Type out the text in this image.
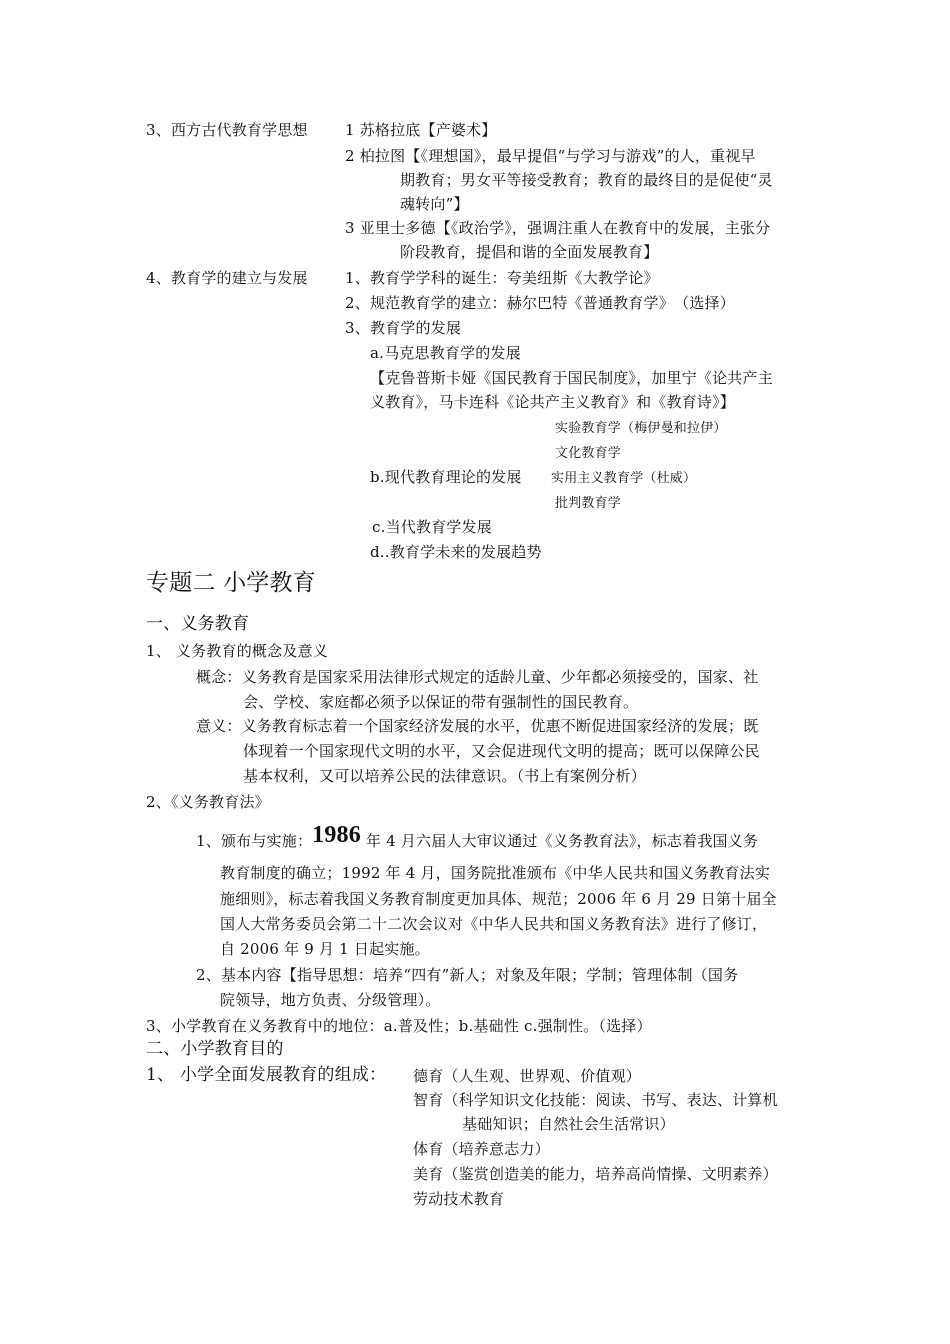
3、西方古代教育学思想 1 苏格拉底【产婆术】
2 柏拉图【《理想国》，最早提倡“与学习与游戏”的人，重视早
期教育；男女平等接受教育；教育的最终目的是促使“灵
魂转向”】
3 亚里士多德【《政治学》，强调注重人在教育中的发展，主张分
阶段教育，提倡和谐的全面发展教育】
4、教育学的建立与发展 1、教育学学科的诞生：夸美纽斯《大教学论》
2、规范教育学的建立：赫尔巴特《普通教育学》　（选择）
3、教育学的发展
a.马克思教育学的发展
【克鲁普斯卡娅《国民教育于国民制度》，加里宁《论共产主
义教育》，马卡连科《论共产主义教育》和《教育诗》】
实验教育学（梅伊曼和拉伊）
文化教育学
b.现代教育理论的发展 实用主义教育学（杜威）
批判教育学
c.当代教育学发展
d..教育学未来的发展趋势
专题二 小学教育
一、义务教育
1、 义务教育的概念及意义
概念：义务教育是国家采用法律形式规定的适龄儿童、少年都必须接受的，国家、社
会、学校、家庭都必须予以保证的带有强制性的国民教育。
意义：义务教育标志着一个国家经济发展的水平，优惠不断促进国家经济的发展；既
体现着一个国家现代文明的水平，又会促进现代文明的提高；既可以保障公民
基本权利，又可以培养公民的法律意识。（书上有案例分析）
2、《义务教育法》
1、颁布与实施：1986 年 4 月六届人大审议通过《义务教育法》，标志着我国义务
教育制度的确立；1992 年 4 月，国务院批准颁布《中华人民共和国义务教育法实
施细则》，标志着我国义务教育制度更加具体、规范；2006 年 6 月 29 日第十届全
国人大常务委员会第二十二次会议对《中华人民共和国义务教育法》进行了修订，
自 2006 年 9 月 1 日起实施。
2、基本内容【指导思想：培养“四有”新人；对象及年限；学制；管理体制（国务
院领导，地方负责、分级管理）。
3、小学教育在义务教育中的地位：a.普及性；b.基础性 c.强制性。（选择）
二、小学教育目的
1、 小学全面发展教育的组成： 德育（人生观、世界观、价值观）
智育（科学知识文化技能：阅读、书写、表达、计算机
基础知识；自然社会生活常识）
体育（培养意志力）
美育（鉴赏创造美的能力，培养高尚情操、文明素养）
劳动技术教育
